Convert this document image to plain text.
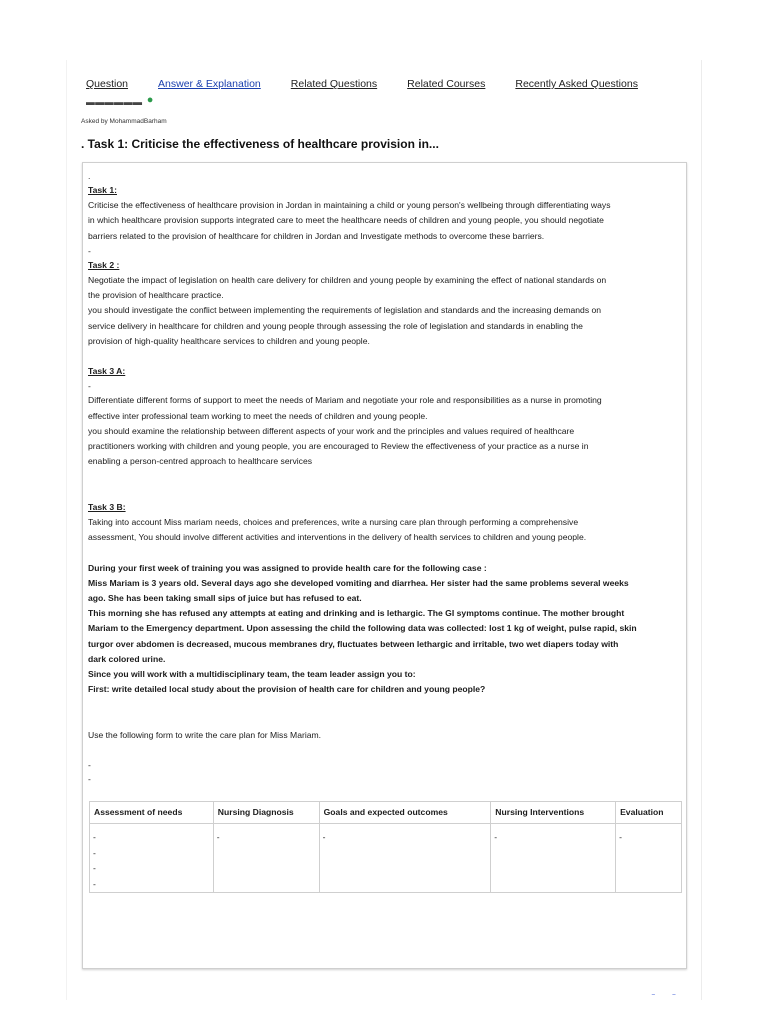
Question	Answer & Explanation	Related Questions	Related Courses	Recently Asked Questions
▂▂▂▂▂▂ ●
Asked by MohammadBarham
. Task 1: Criticise the effectiveness of healthcare provision in...
.
Task 1:
Criticise the effectiveness of healthcare provision in Jordan in maintaining a child or young person's wellbeing through differentiating ways
in which healthcare provision supports integrated care to meet the healthcare needs of children and young people, you should negotiate
barriers related to the provision of healthcare for children in Jordan and Investigate methods to overcome these barriers.
-
Task 2 :
Negotiate the impact of legislation on health care delivery for children and young people by examining the effect of national standards on
the provision of healthcare practice.
you should investigate the conflict between implementing the requirements of legislation and standards and the increasing demands on
service delivery in healthcare for children and young people through assessing the role of legislation and standards in enabling the
provision of high-quality healthcare services to children and young people.
Task 3 A:
-
Differentiate different forms of support to meet the needs of Mariam and negotiate your role and responsibilities as a nurse in promoting
effective inter professional team working to meet the needs of children and young people.
you should examine the relationship between different aspects of your work and the principles and values required of healthcare
practitioners working with children and young people, you are encouraged to Review the effectiveness of your practice as a nurse in
enabling a person-centred approach to healthcare services
Task 3 B:
Taking into account Miss mariam needs, choices and preferences, write a nursing care plan through performing a comprehensive
assessment, You should involve different activities and interventions in the delivery of health services to children and young people.
During your first week of training you was assigned to provide health care for the following case :
Miss Mariam is 3 years old. Several days ago she developed vomiting and diarrhea. Her sister had the same problems several weeks
ago. She has been taking small sips of juice but has refused to eat.
This morning she has refused any attempts at eating and drinking and is lethargic. The GI symptoms continue. The mother brought
Mariam to the Emergency department. Upon assessing the child the following data was collected: lost 1 kg of weight, pulse rapid, skin
turgor over abdomen is decreased, mucous membranes dry, fluctuates between lethargic and irritable, two wet diapers today with
dark colored urine.
Since you will work with a multidisciplinary team, the team leader assign you to:
First: write detailed local study about the provision of health care for children and young people?
Use the following form to write the care plan for Miss Mariam.
-
-
Assessment of needs	Nursing Diagnosis	Goals and expected outcomes	Nursing Interventions	Evaluation
-
-
-
-	-	-	-	-
‾‾
